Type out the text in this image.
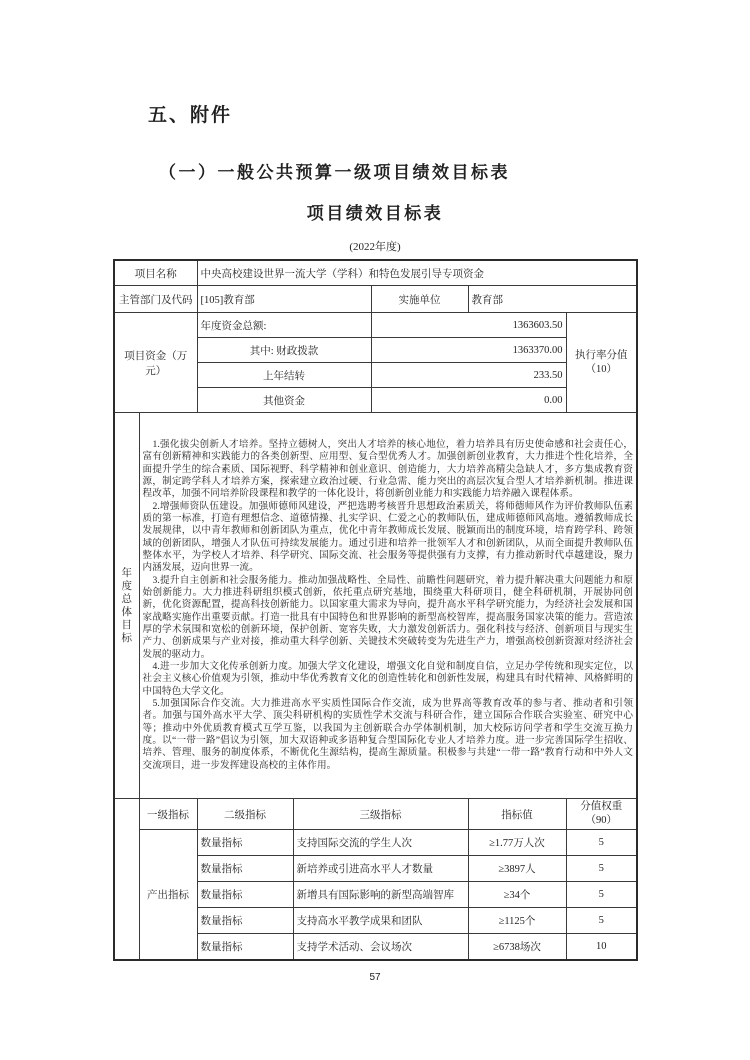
五、附件
（一）一般公共预算一级项目绩效目标表
项目绩效目标表
(2022年度)
项目名称		中央高校建设世界一流大学（学科）和特色发展引导专项资金				
主管部门及代码		[105]教育部		实施单位	教育部	
项目资金（万元）		年度资金总额:		1363603.50		执行率分值
（10）

		其中: 财政拨款		1363370.00		
		上年结转		233.50		
		其他资金		0.00		
年度总体目标	1.强化拔尖创新人才培养。坚持立德树人，突出人才培养的核心地位，着力培养具有历史使命感和社会责任心，富有创新精神和实践能力的各类创新型、应用型、复合型优秀人才。加强创新创业教育，大力推进个性化培养，全面提升学生的综合素质、国际视野、科学精神和创业意识、创造能力，大力培养高精尖急缺人才，多方集成教育资源，制定跨学科人才培养方案，探索建立政治过硬、行业急需、能力突出的高层次复合型人才培养新机制。推进课程改革，加强不同培养阶段课程和教学的一体化设计，将创新创业能力和实践能力培养融入课程体系。

2.增强师资队伍建设。加强师德师风建设，严把选聘考核晋升思想政治素质关，将师德师风作为评价教师队伍素质的第一标准，打造有理想信念、道德情操、扎实学识、仁爱之心的教师队伍，建成师德师风高地。遵循教师成长发展规律，以中青年教师和创新团队为重点，优化中青年教师成长发展、脱颖而出的制度环境，培育跨学科、跨领域的创新团队，增强人才队伍可持续发展能力。通过引进和培养一批领军人才和创新团队，从而全面提升教师队伍整体水平，为学校人才培养、科学研究、国际交流、社会服务等提供强有力支撑，有力推动新时代卓越建设，聚力内涵发展，迈向世界一流。

3.提升自主创新和社会服务能力。推动加强战略性、全局性、前瞻性问题研究，着力提升解决重大问题能力和原始创新能力。大力推进科研组织模式创新，依托重点研究基地，围绕重大科研项目，健全科研机制，开展协同创新，优化资源配置，提高科技创新能力。以国家重大需求为导向，提升高水平科学研究能力，为经济社会发展和国家战略实施作出重要贡献。打造一批具有中国特色和世界影响的新型高校智库，提高服务国家决策的能力。营造浓厚的学术氛围和宽松的创新环境，保护创新、宽容失败，大力激发创新活力。强化科技与经济、创新项目与现实生产力、创新成果与产业对接，推动重大科学创新、关键技术突破转变为先进生产力，增强高校创新资源对经济社会发展的驱动力。

4.进一步加大文化传承创新力度。加强大学文化建设，增强文化自觉和制度自信，立足办学传统和现实定位，以社会主义核心价值观为引领，推动中华优秀教育文化的创造性转化和创新性发展，构建具有时代精神、风格鲜明的中国特色大学文化。

5.加强国际合作交流。大力推进高水平实质性国际合作交流，成为世界高等教育改革的参与者、推动者和引领者。加强与国外高水平大学、顶尖科研机构的实质性学术交流与科研合作，建立国际合作联合实验室、研究中心等；推动中外优质教育模式互学互鉴，以我国为主创新联合办学体制机制，加大校际访问学者和学生交流互换力度。以“一带一路”倡议为引领，加大双语种或多语种复合型国际化专业人才培养力度。进一步完善国际学生招收、培养、管理、服务的制度体系，不断优化生源结构，提高生源质量。积极参与共建“一带一路”教育行动和中外人文交流项目，进一步发挥建设高校的主体作用。					

	一级指标	二级指标	三级指标		指标值	分值权重
（90）

	产出指标	数量指标	支持国际交流的学生人次		≥1.77万人次	5
		数量指标	新培养或引进高水平人才数量		≥3897人	5
		数量指标	新增具有国际影响的新型高端智库		≥34个	5
		数量指标	支持高水平教学成果和团队		≥1125个	5
		数量指标	支持学术活动、会议场次		≥6738场次	10
57
